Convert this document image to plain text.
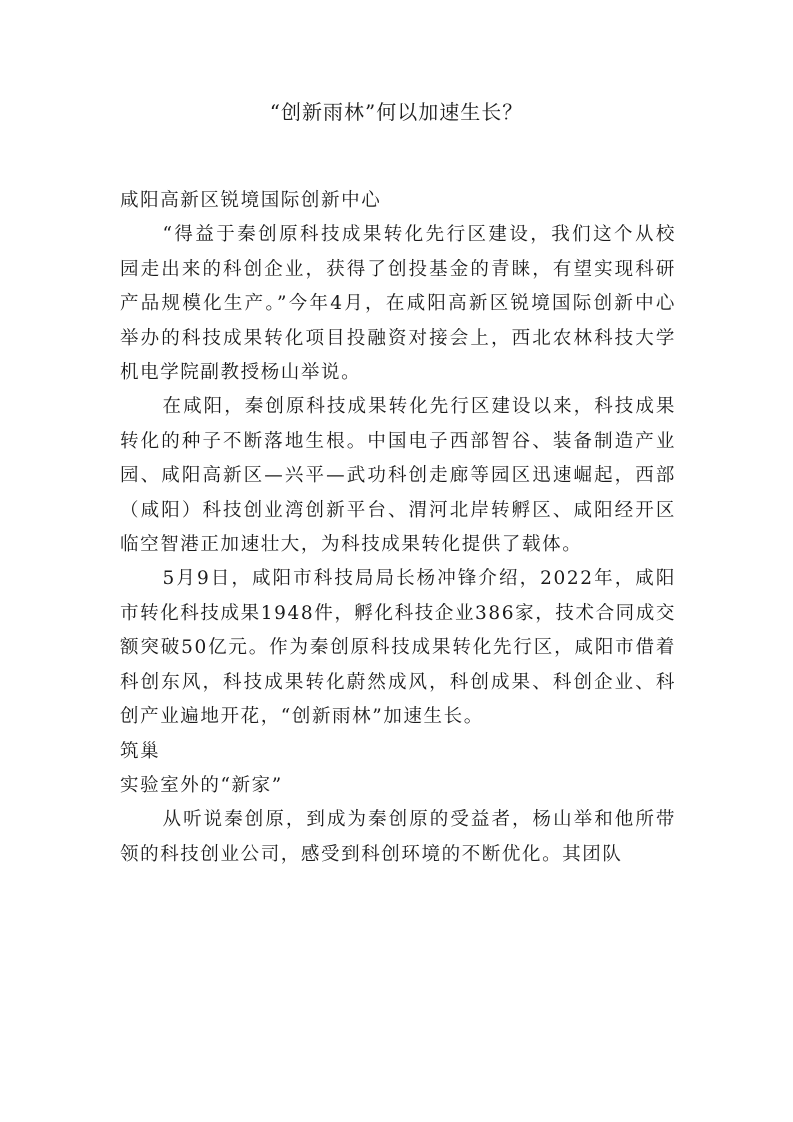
“创新雨林”何以加速生长？

咸阳高新区锐境国际创新中心

“得益于秦创原科技成果转化先行区建设，我们这个从校园走出来的科创企业，获得了创投基金的青睐，有望实现科研产品规模化生产。”今年4月，在咸阳高新区锐境国际创新中心举办的科技成果转化项目投融资对接会上，西北农林科技大学机电学院副教授杨山举说。

在咸阳，秦创原科技成果转化先行区建设以来，科技成果转化的种子不断落地生根。中国电子西部智谷、装备制造产业园、咸阳高新区—兴平—武功科创走廊等园区迅速崛起，西部（咸阳）科技创业湾创新平台、渭河北岸转孵区、咸阳经开区临空智港正加速壮大，为科技成果转化提供了载体。

5月9日，咸阳市科技局局长杨冲锋介绍，2022年，咸阳市转化科技成果1948件，孵化科技企业386家，技术合同成交额突破50亿元。作为秦创原科技成果转化先行区，咸阳市借着科创东风，科技成果转化蔚然成风，科创成果、科创企业、科创产业遍地开花，“创新雨林”加速生长。

筑巢

实验室外的“新家”

从听说秦创原，到成为秦创原的受益者，杨山举和他所带领的科技创业公司，感受到科创环境的不断优化。其团队
